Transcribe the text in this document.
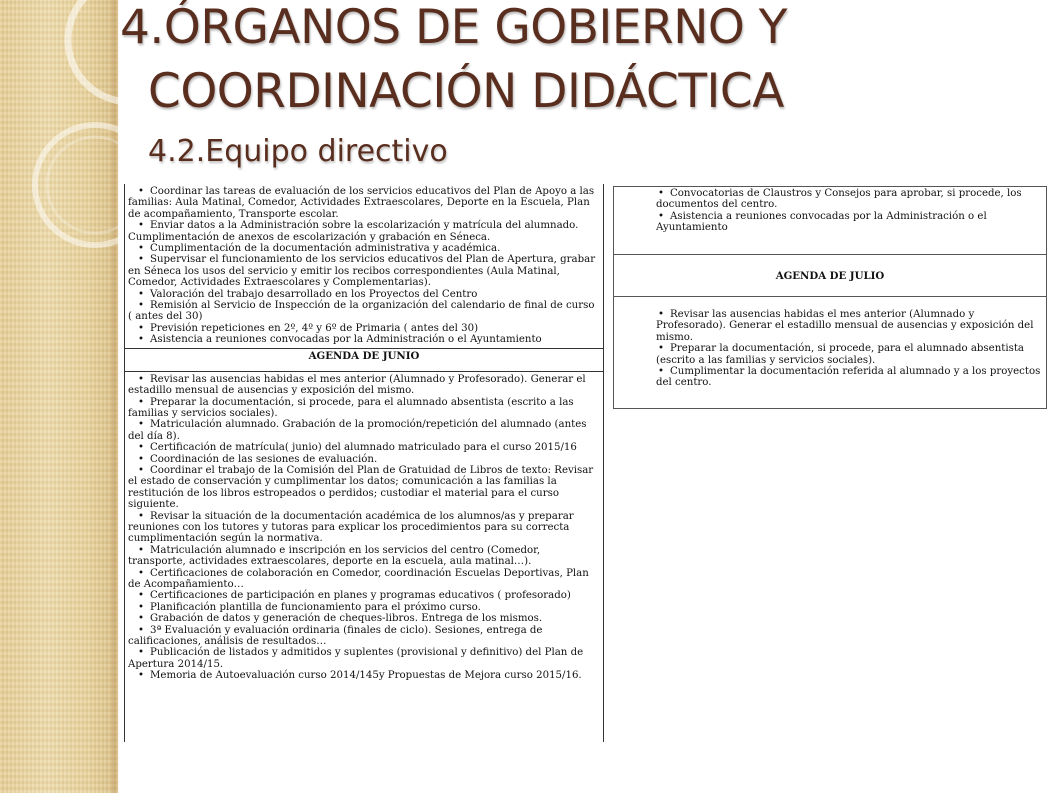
4.ÓRGANOS DE GOBIERNO Y
COORDINACIÓN DIDÁCTICA
4.2.Equipo directivo
• Coordinar las tareas de evaluación de los servicios educativos del Plan de Apoyo a las familias: Aula Matinal, Comedor, Actividades Extraescolares, Deporte en la Escuela, Plan de acompañamiento, Transporte escolar.
• Enviar datos a la Administración sobre la escolarización y matrícula del alumnado. Cumplimentación de anexos de escolarización y grabación en Séneca.
• Cumplimentación de la documentación administrativa y académica.
• Supervisar el funcionamiento de los servicios educativos del Plan de Apertura, grabar en Séneca los usos del servicio y emitir los recibos correspondientes (Aula Matinal, Comedor, Actividades Extraescolares y Complementarias).
• Valoración del trabajo desarrollado en los Proyectos del Centro
• Remisión al Servicio de Inspección de la organización del calendario de final de curso ( antes del 30)
• Previsión repeticiones en 2º, 4º y 6º de Primaria ( antes del 30)
• Asistencia a reuniones convocadas por la Administración o el Ayuntamiento
AGENDA DE JUNIO
• Revisar las ausencias habidas el mes anterior (Alumnado y Profesorado). Generar el estadillo mensual de ausencias y exposición del mismo.
• Preparar la documentación, si procede, para el alumnado absentista (escrito a las familias y servicios sociales).
• Matriculación alumnado. Grabación de la promoción/repetición del alumnado (antes del día 8).
• Certificación de matrícula( junio) del alumnado matriculado para el curso 2015/16
• Coordinación de las sesiones de evaluación.
• Coordinar el trabajo de la Comisión del Plan de Gratuidad de Libros de texto: Revisar el estado de conservación y cumplimentar los datos; comunicación a las familias la restitución de los libros estropeados o perdidos; custodiar el material para el curso siguiente.
• Revisar la situación de la documentación académica de los alumnos/as y preparar reuniones con los tutores y tutoras para explicar los procedimientos para su correcta cumplimentación según la normativa.
• Matriculación alumnado e inscripción en los servicios del centro (Comedor, transporte, actividades extraescolares, deporte en la escuela, aula matinal…).
• Certificaciones de colaboración en Comedor, coordinación Escuelas Deportivas, Plan de Acompañamiento…
• Certificaciones de participación en planes y programas educativos ( profesorado)
• Planificación plantilla de funcionamiento para el próximo curso.
• Grabación de datos y generación de cheques-libros. Entrega de los mismos.
• 3ª Evaluación y evaluación ordinaria (finales de ciclo). Sesiones, entrega de calificaciones, análisis de resultados…
• Publicación de listados y admitidos y suplentes (provisional y definitivo) del Plan de Apertura 2014/15.
• Memoria de Autoevaluación curso 2014/145y Propuestas de Mejora curso 2015/16.
• Convocatorias de Claustros y Consejos para aprobar, si procede, los documentos del centro.
• Asistencia a reuniones convocadas por la Administración o el Ayuntamiento
AGENDA DE JULIO
• Revisar las ausencias habidas el mes anterior (Alumnado y Profesorado). Generar el estadillo mensual de ausencias y exposición del mismo.
• Preparar la documentación, si procede, para el alumnado absentista (escrito a las familias y servicios sociales).
• Cumplimentar la documentación referida al alumnado y a los proyectos del centro.
